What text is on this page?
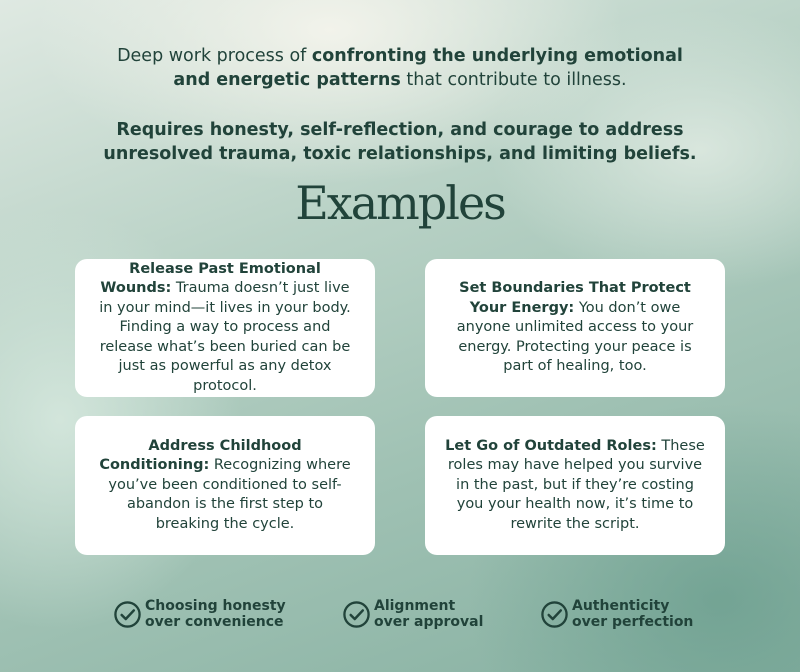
Deep work process of confronting the underlying emotional and energetic patterns that contribute to illness.

Requires honesty, self-reflection, and courage to address unresolved trauma, toxic relationships, and limiting beliefs.

Examples
Release Past Emotional Wounds: Trauma doesn’t just live in your mind—it lives in your body. Finding a way to process and release what’s been buried can be just as powerful as any detox protocol.
Set Boundaries That Protect Your Energy: You don’t owe anyone unlimited access to your energy. Protecting your peace is part of healing, too.
Address Childhood Conditioning: Recognizing where you’ve been conditioned to self-abandon is the first step to breaking the cycle.
Let Go of Outdated Roles: These roles may have helped you survive in the past, but if they’re costing you your health now, it’s time to rewrite the script.
Choosing honesty
over convenience
Alignment
over approval
Authenticity
over perfection
